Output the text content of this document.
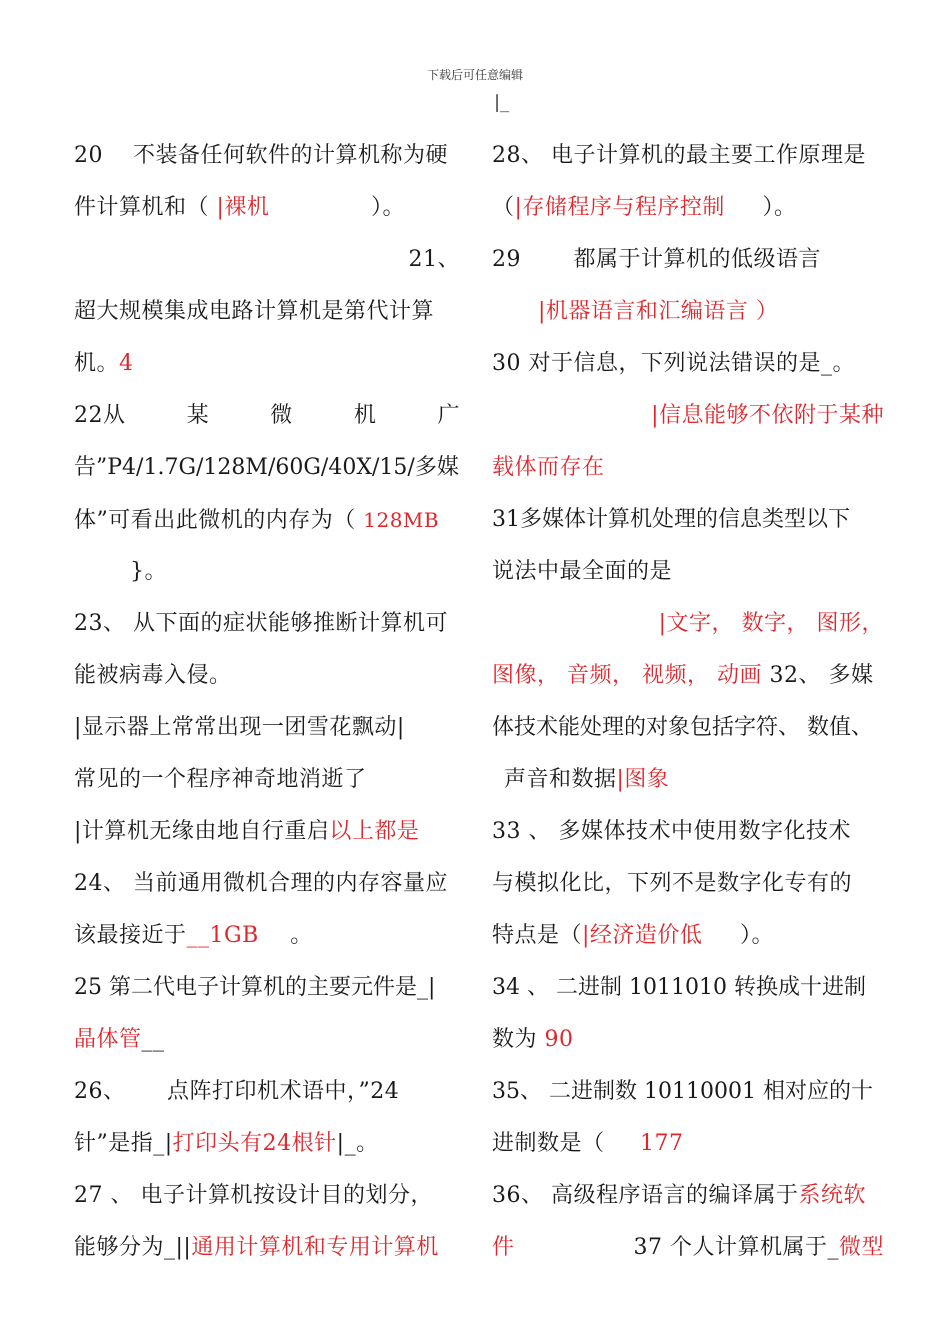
下载后可任意编辑
|_
20　 不装备任何软件的计算机称为硬
件计算机和（ |裸机	）。
21、
超大规模集成电路计算机是第代计算
机。4
22从	某	微	机	广
告”P4/1.7G/128M/60G/40X/15/多媒
体”可看出此微机的内存为（ 128MB
}。
23、 从下面的症状能够推断计算机可
能被病毒入侵。
|显示器上常常出现一团雪花飘动|
常见的一个程序神奇地消逝了
|计算机无缘由地自行重启以上都是
24、 当前通用微机合理的内存容量应
该最接近于__1GB 。
25 第二代电子计算机的主要元件是_|
晶体管__
26、　　 点阵打印机术语中，”24
针”是指_|打印头有24根针|_。
27 、 电子计算机按设计目的划分，
能够分为_||通用计算机和专用计算机
28、 电子计算机的最主要工作原理是
（|存储程序与程序控制 ）。
29　　 都属于计算机的低级语言
|机器语言和汇编语言 ）
30 对于信息，下列说法错误的是_。
|信息能够不依附于某种
载体而存在
31多媒体计算机处理的信息类型以下
说法中最全面的是
|文字， 数字， 图形，
图像， 音频， 视频， 动画 32、 多媒
体技术能处理的对象包括字符、 数值、
声音和数据|图象
33 、 多媒体技术中使用数字化技术
与模拟化比，下列不是数字化专有的
特点是（|经济造价低 ）。
34 、 二进制 1011010 转换成十进制
数为 90
35、 二进制数 10110001 相对应的十
进制数是（ 177
36、 高级程序语言的编译属于系统软
件	37 个人计算机属于_微型
